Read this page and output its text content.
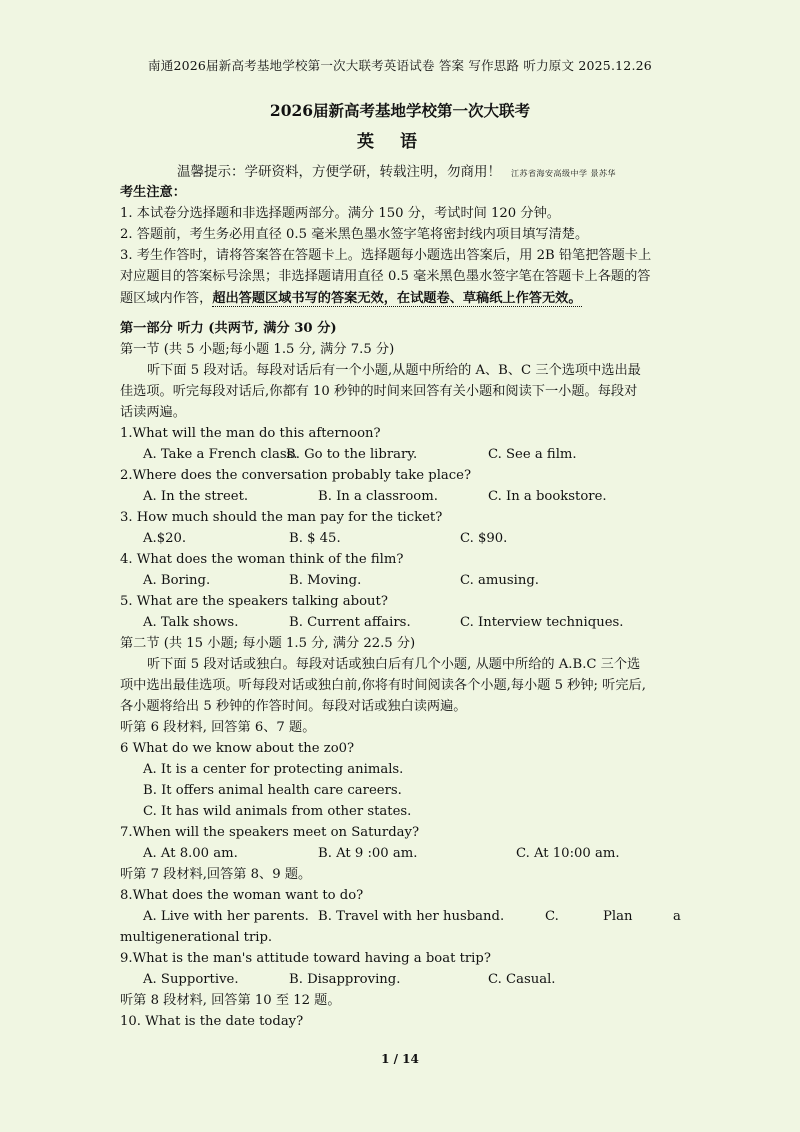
南通2026届新高考基地学校第一次大联考英语试卷 答案 写作思路 听力原文 2025.12.26
2026届新高考基地学校第一次大联考
英语
温馨提示：学研资料，方便学研，转载注明，勿商用！ 江苏省海安高级中学 景苏华
考生注意：
1. 本试卷分选择题和非选择题两部分。满分 150 分，考试时间 120 分钟。
2. 答题前，考生务必用直径 0.5 毫米黑色墨水签字笔将密封线内项目填写清楚。
3. 考生作答时，请将答案答在答题卡上。选择题每小题选出答案后，用 2B 铅笔把答题卡上
对应题目的答案标号涂黑；非选择题请用直径 0.5 毫米黑色墨水签字笔在答题卡上各题的答
题区域内作答，超出答题区域书写的答案无效，在试题卷、草稿纸上作答无效。
第一部分 听力 (共两节, 满分 30 分)
第一节 (共 5 小题;每小题 1.5 分, 满分 7.5 分)
听下面 5 段对话。每段对话后有一个小题,从题中所给的 A、B、C 三个选项中选出最
佳选项。听完每段对话后,你都有 10 秒钟的时间来回答有关小题和阅读下一小题。每段对
话读两遍。
1.What will the man do this afternoon?
A. Take a French class.
B. Go to the library.	C. See a film.
2.Where does the conversation probably take place?
A. In the street.	B. In a classroom.	C. In a bookstore.
3. How much should the man pay for the ticket?
A.$20.	B. $ 45.	C. $90.
4. What does the woman think of the film?
A. Boring.	B. Moving.	C. amusing.
5. What are the speakers talking about?
A. Talk shows.	B. Current affairs.	C. Interview techniques.
第二节 (共 15 小题; 每小题 1.5 分, 满分 22.5 分)
听下面 5 段对话或独白。每段对话或独白后有几个小题, 从题中所给的 A.B.C 三个选
项中选出最佳选项。听每段对话或独白前,你将有时间阅读各个小题,每小题 5 秒钟; 听完后,
各小题将给出 5 秒钟的作答时间。每段对话或独白读两遍。
听第 6 段材料, 回答第 6、7 题。
6 What do we know about the zo0?
A. It is a center for protecting animals.
B. It offers animal health care careers.
C. It has wild animals from other states.
7.When will the speakers meet on Saturday?
A. At 8.00 am.	B. At 9 :00 am.	C. At 10:00 am.
听第 7 段材料,回答第 8、9 题。
8.What does the woman want to do?
A. Live with her parents. B. Travel with her husband.	C.	Plan	a
multigenerational trip.
9.What is the man's attitude toward having a boat trip?
A. Supportive.	B. Disapproving.	C. Casual.
听第 8 段材料, 回答第 10 至 12 题。
10. What is the date today?
1 / 14
